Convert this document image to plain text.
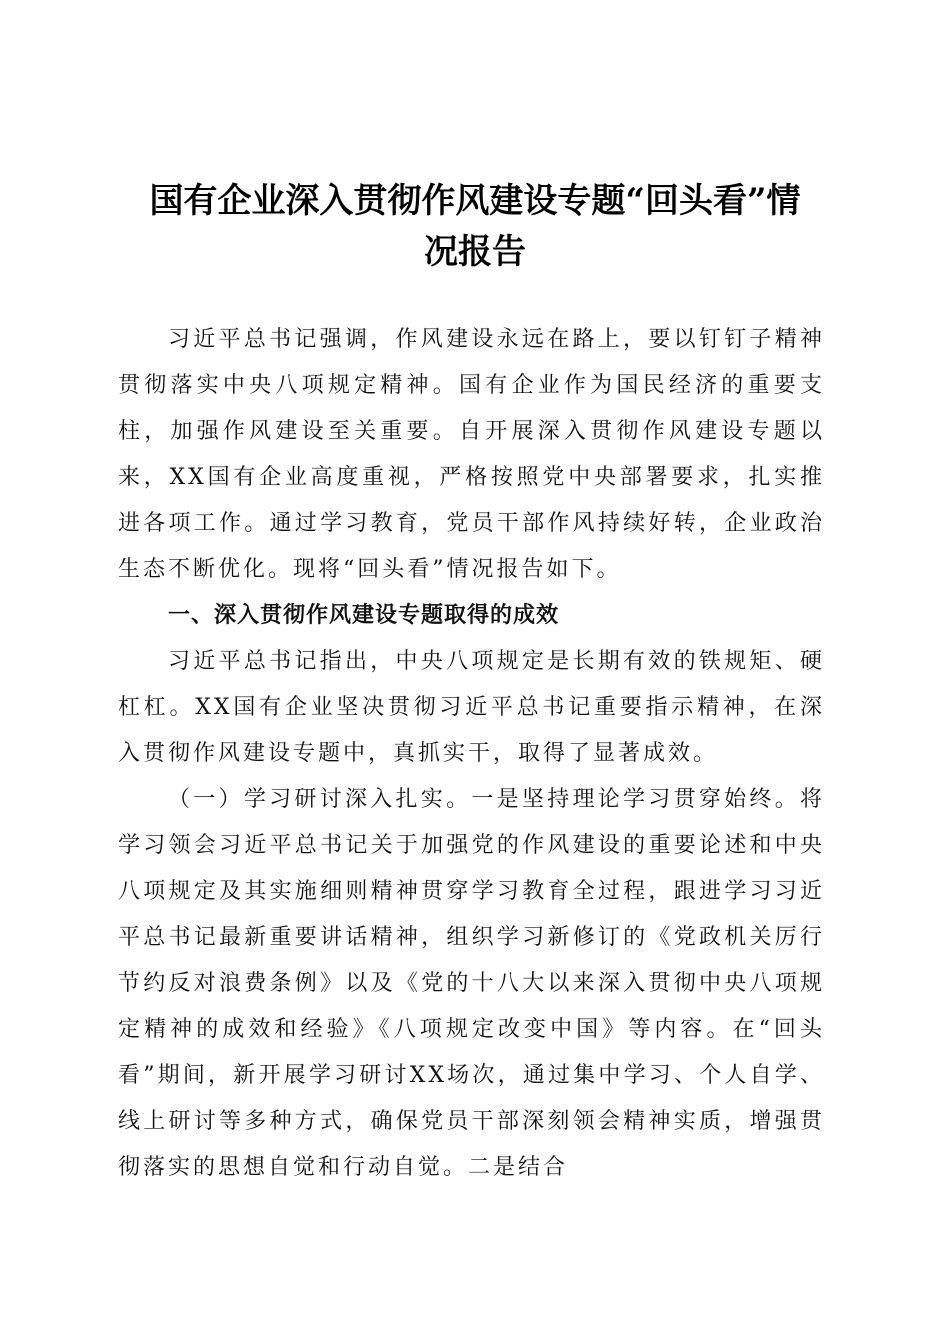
国有企业深入贯彻作风建设专题“回头看”情
况报告

习近平总书记强调，作风建设永远在路上，要以钉钉子精神贯彻落实中央八项规定精神。国有企业作为国民经济的重要支柱，加强作风建设至关重要。自开展深入贯彻作风建设专题以来，XX国有企业高度重视，严格按照党中央部署要求，扎实推进各项工作。通过学习教育，党员干部作风持续好转，企业政治生态不断优化。现将“回头看”情况报告如下。

一、深入贯彻作风建设专题取得的成效

习近平总书记指出，中央八项规定是长期有效的铁规矩、硬杠杠。XX国有企业坚决贯彻习近平总书记重要指示精神，在深入贯彻作风建设专题中，真抓实干，取得了显著成效。

（一）学习研讨深入扎实。一是坚持理论学习贯穿始终。将学习领会习近平总书记关于加强党的作风建设的重要论述和中央八项规定及其实施细则精神贯穿学习教育全过程，跟进学习习近平总书记最新重要讲话精神，组织学习新修订的《党政机关厉行节约反对浪费条例》以及《党的十八大以来深入贯彻中央八项规定精神的成效和经验》《八项规定改变中国》等内容。在“回头看”期间，新开展学习研讨XX场次，通过集中学习、个人自学、线上研讨等多种方式，确保党员干部深刻领会精神实质，增强贯彻落实的思想自觉和行动自觉。二是结合
